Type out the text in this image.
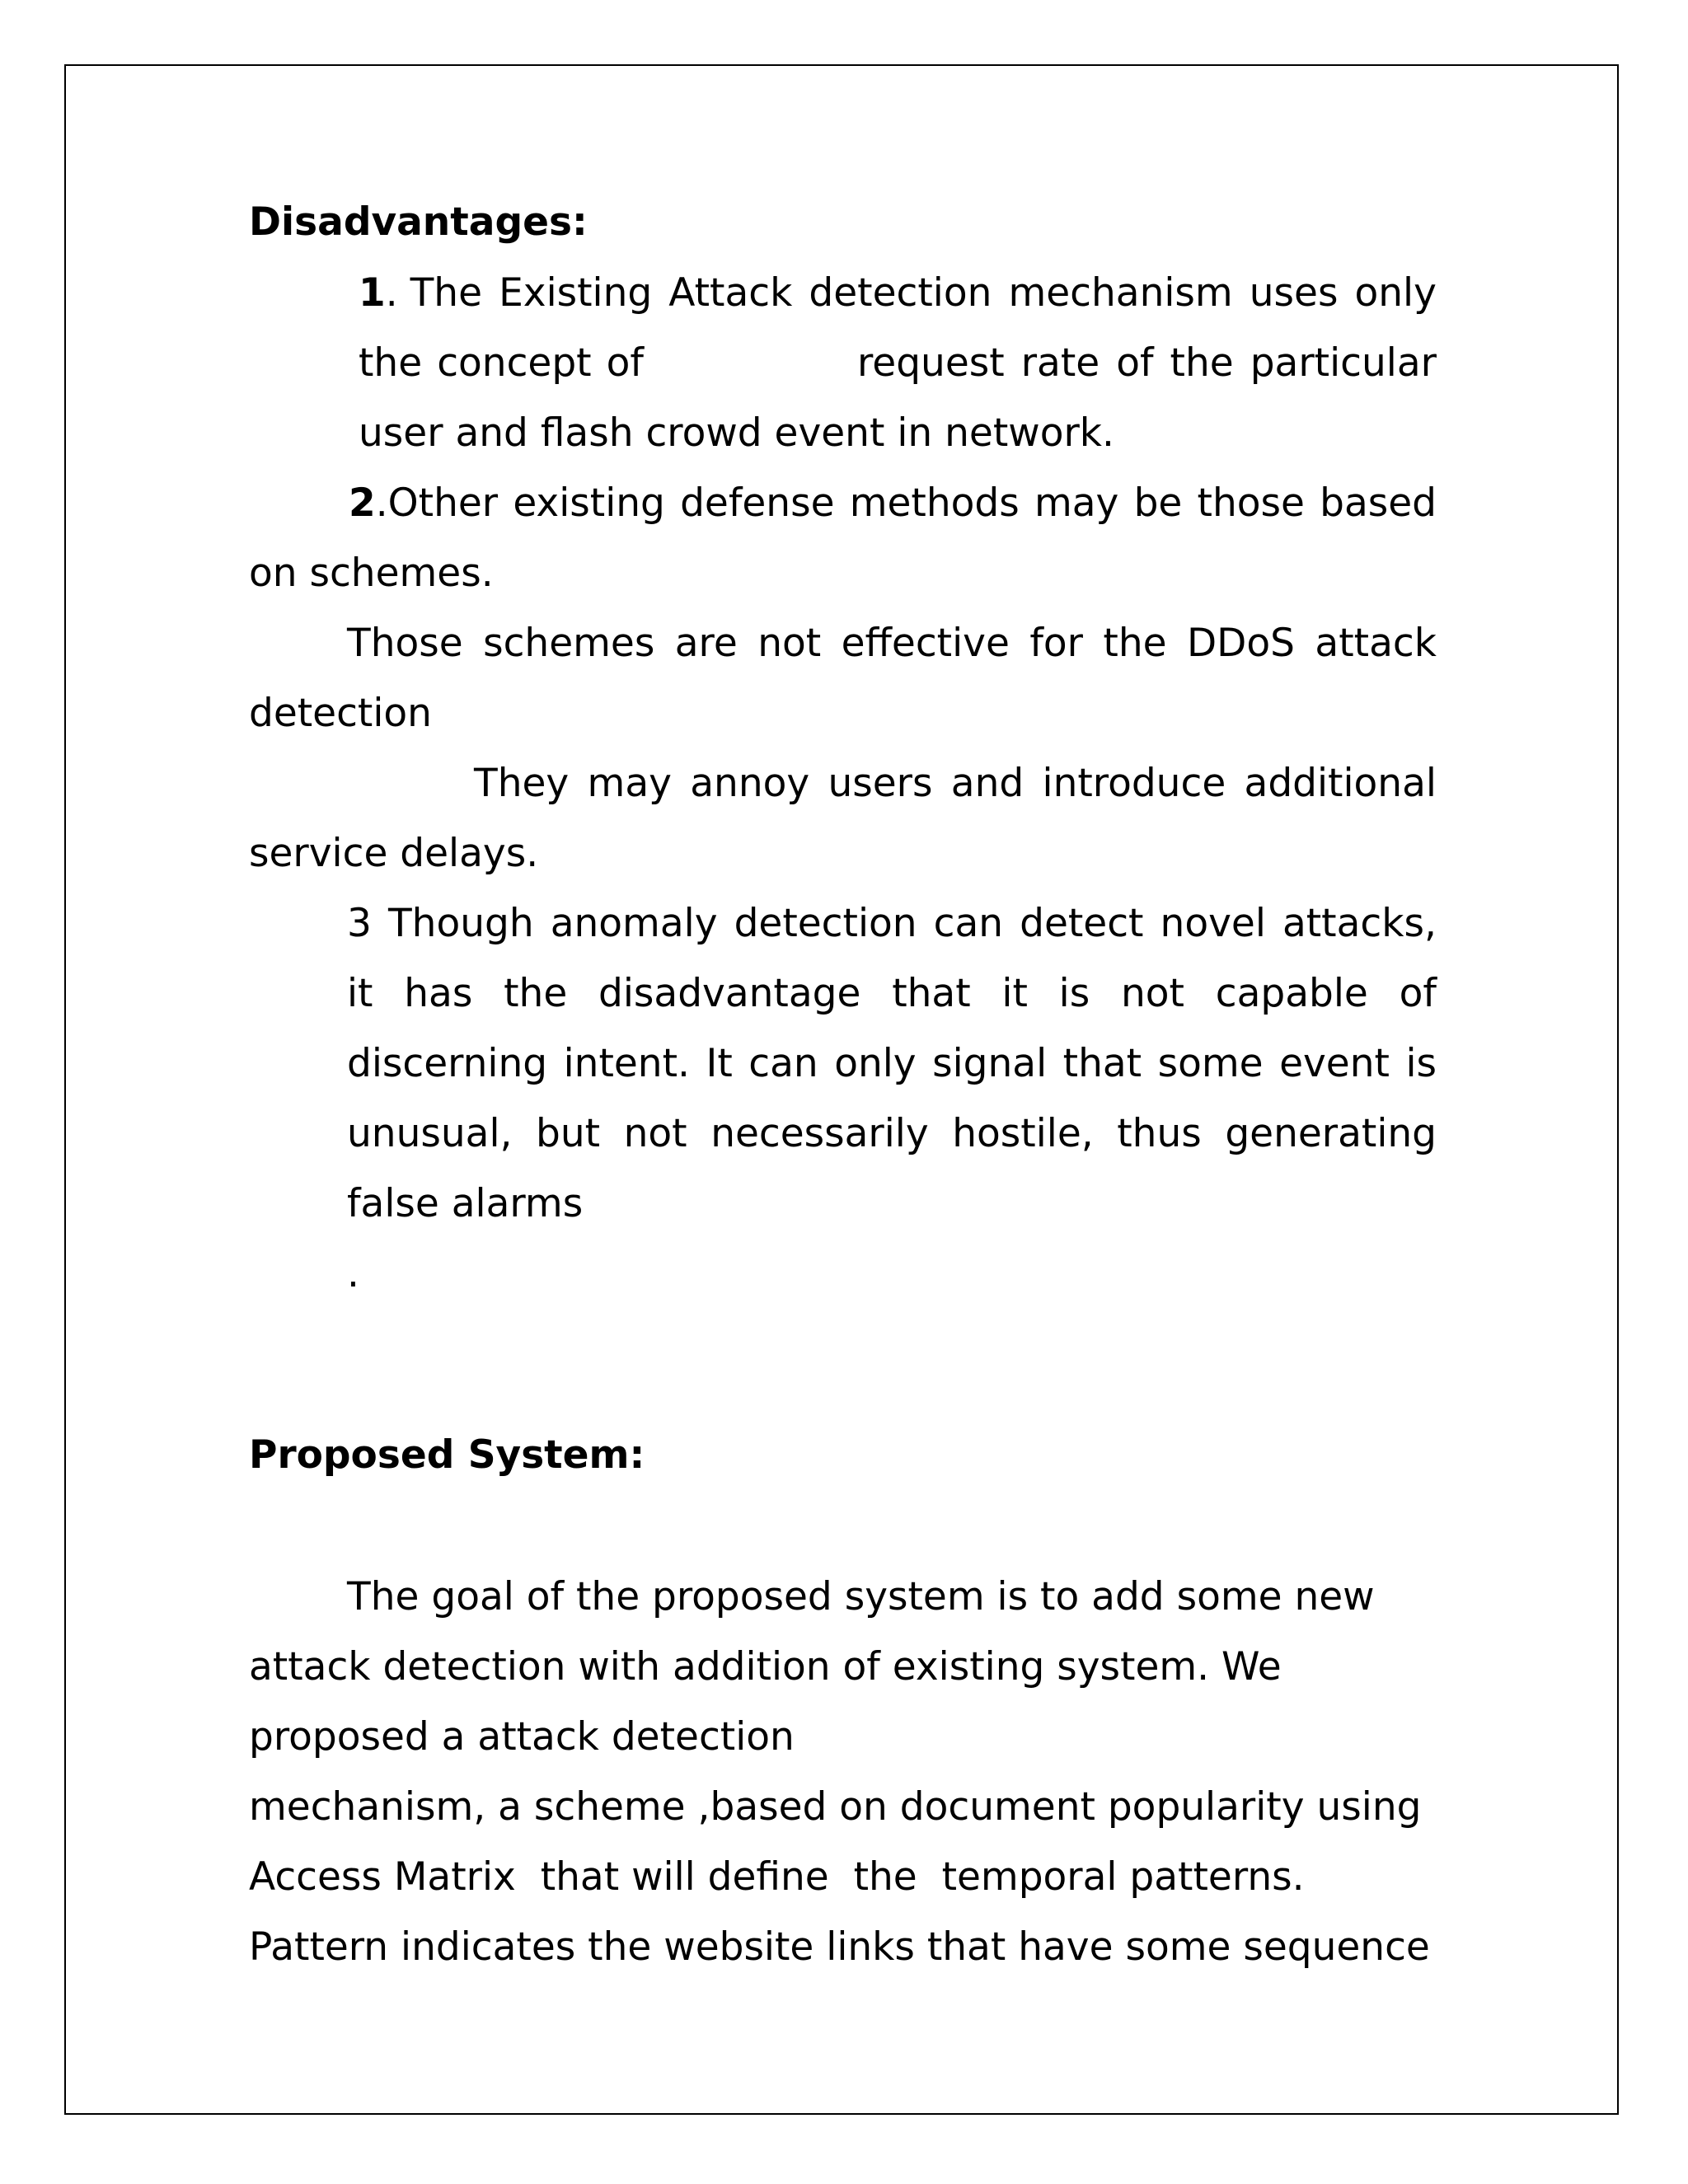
Disadvantages:
1. The Existing Attack detection mechanism uses only
the concept of	request rate of the particular
user and flash crowd event in network.
2.Other existing defense methods may be those based
on schemes.
Those schemes are not effective for the DDoS attack
detection
They may annoy users and introduce additional
service delays.
3 Though anomaly detection can detect novel attacks,
it has the disadvantage that it is not capable of
discerning intent. It can only signal that some event is
unusual, but not necessarily hostile, thus generating
false alarms
.
Proposed System:
The goal of the proposed system is to add some new
attack detection with addition of existing system. We
proposed a attack detection
mechanism, a scheme ,based on document popularity using
Access Matrix  that will define  the  temporal patterns.
Pattern indicates the website links that have some sequence
